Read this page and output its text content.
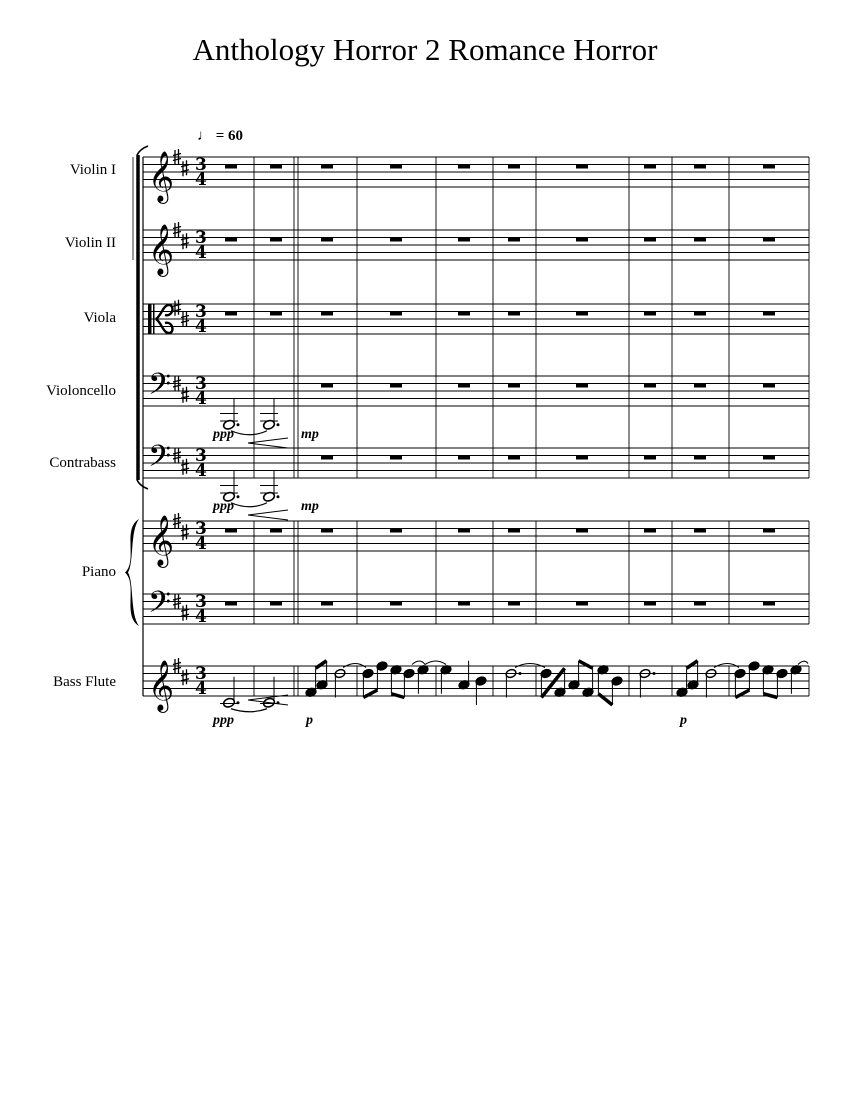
Anthology Horror 2 Romance Horror
♩ = 60
Violin I
Violin II
Viola
Violoncello
Contrabass
Piano
Bass Flute
ppp	mp
ppp	mp
ppp	p	p
𝄞
𝄞
𝄢
𝄢
𝄞
𝄢
𝄞
3
4
3
4
3
4
3
4
3
4
3
4
3
4
3
4
